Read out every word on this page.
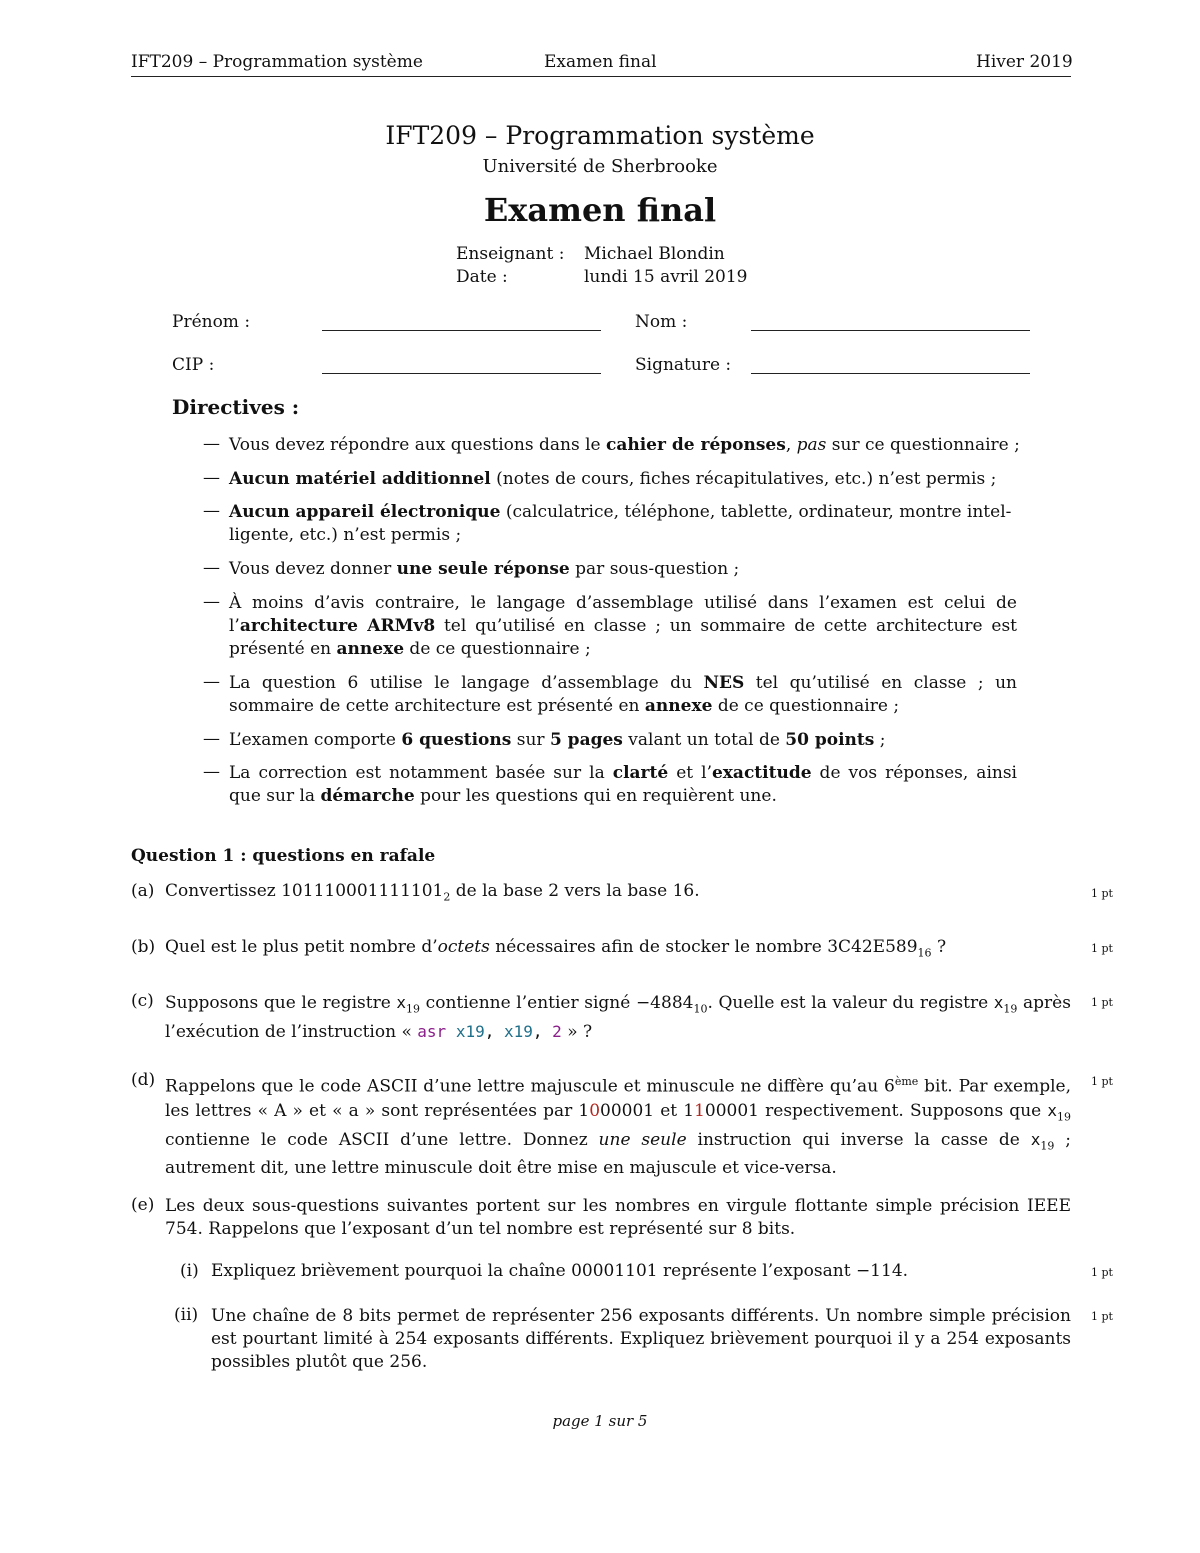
IFT209 – Programmation système	Examen final	Hiver 2019
IFT209 – Programmation système
Université de Sherbrooke
Examen final
Enseignant : Michael Blondin
Date :	lundi 15 avril 2019
Prénom :	Nom :
CIP :	Signature :
Directives :
— Vous devez répondre aux questions dans le cahier de réponses, pas sur ce questionnaire ;
— Aucun matériel additionnel (notes de cours, fiches récapitulatives, etc.) n’est permis ;
— Aucun appareil électronique (calculatrice, téléphone, tablette, ordinateur, montre intel-
ligente, etc.) n’est permis ;
— Vous devez donner une seule réponse par sous-question ;
— À moins d’avis contraire, le langage d’assemblage utilisé dans l’examen est celui de l’architecture ARMv8 tel qu’utilisé en classe ; un sommaire de cette architecture est présenté en annexe de ce questionnaire ;
— La question 6 utilise le langage d’assemblage du NES tel qu’utilisé en classe ; un sommaire de cette architecture est présenté en annexe de ce questionnaire ;
— L’examen comporte 6 questions sur 5 pages valant un total de 50 points ;
— La correction est notamment basée sur la clarté et l’exactitude de vos réponses, ainsi que sur la démarche pour les questions qui en requièrent une.
Question 1 : questions en rafale
(a) Convertissez $101110001111101_2$ de la base 2 vers la base 16.	1 pt
(b) Quel est le plus petit nombre d’octets nécessaires afin de stocker le nombre $3C42E589_{16}$ ?	1 pt
(c) Supposons que le registre $x_{19}$ contienne l’entier signé $-4884_{10}$. Quelle est la valeur du registre $x_{19}$ après l’exécution de l’instruction « asr x19, x19, 2 » ?
1 pt
(d) Rappelons que le code ASCII d’une lettre majuscule et minuscule ne diffère qu’au 6ème bit. Par exemple, les lettres « A » et « a » sont représentées par 1000001 et 1100001 respectivement. Supposons que $x_{19}$ contienne le code ASCII d’une lettre. Donnez une seule instruction qui inverse la casse de $x_{19}$ ; autrement dit, une lettre minuscule doit être mise en majuscule et vice-versa.
1 pt
(e) Les deux sous-questions suivantes portent sur les nombres en virgule flottante simple précision IEEE 754. Rappelons que l’exposant d’un tel nombre est représenté sur 8 bits.
(i) Expliquez brièvement pourquoi la chaîne 00001101 représente l’exposant −114.	1 pt
(ii) Une chaîne de 8 bits permet de représenter 256 exposants différents. Un nombre simple précision est pourtant limité à 254 exposants différents. Expliquez brièvement pourquoi il y a 254 exposants possibles plutôt que 256.
1 pt
page 1 sur 5
